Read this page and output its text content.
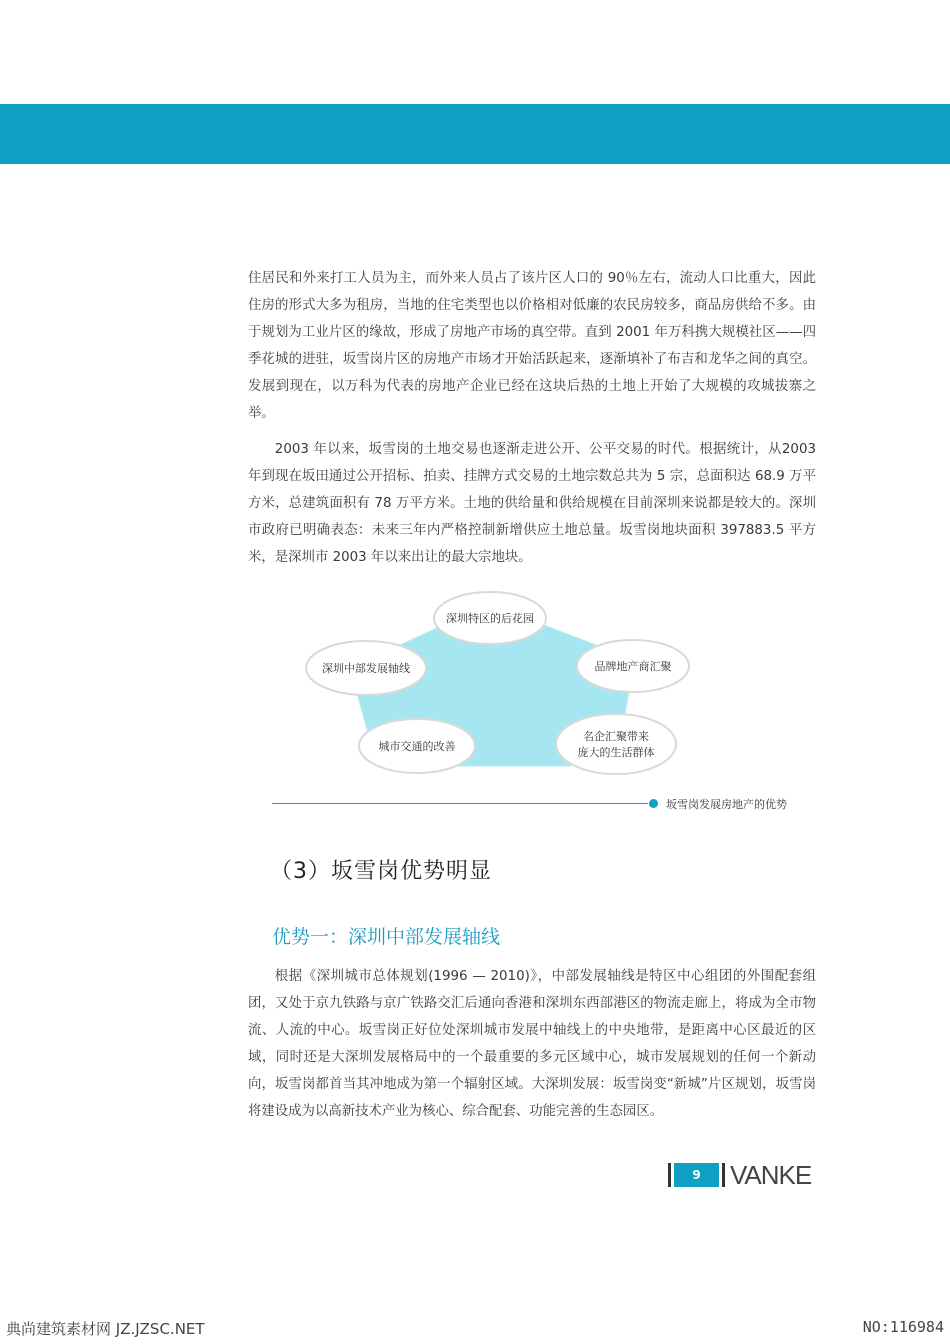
住居民和外来打工人员为主，而外来人员占了该片区人口的 90％左右，流动人口比重大，因此住房的形式大多为租房，当地的住宅类型也以价格相对低廉的农民房较多，商品房供给不多。由于规划为工业片区的缘故，形成了房地产市场的真空带。直到 2001 年万科携大规模社区——四季花城的进驻，坂雪岗片区的房地产市场才开始活跃起来，逐渐填补了布吉和龙华之间的真空。发展到现在，以万科为代表的房地产企业已经在这块后热的土地上开始了大规模的攻城拔寨之举。

2003 年以来，坂雪岗的土地交易也逐渐走进公开、公平交易的时代。根据统计，从2003 年到现在坂田通过公开招标、拍卖、挂牌方式交易的土地宗数总共为 5 宗，总面积达 68.9 万平方米，总建筑面积有 78 万平方米。土地的供给量和供给规模在目前深圳来说都是较大的。深圳市政府已明确表态：未来三年内严格控制新增供应土地总量。坂雪岗地块面积 397883.5 平方米，是深圳市 2003 年以来出让的最大宗地块。

深圳特区的后花园
品牌地产商汇聚
名企汇聚带来
庞大的生活群体
城市交通的改善
深圳中部发展轴线
坂雪岗发展房地产的优势
（3）坂雪岗优势明显
优势一：深圳中部发展轴线

根据《深圳城市总体规划(1996 — 2010)》，中部发展轴线是特区中心组团的外围配套组团，又处于京九铁路与京广铁路交汇后通向香港和深圳东西部港区的物流走廊上，将成为全市物流、人流的中心。坂雪岗正好位处深圳城市发展中轴线上的中央地带，是距离中心区最近的区域，同时还是大深圳发展格局中的一个最重要的多元区域中心，城市发展规划的任何一个新动向，坂雪岗都首当其冲地成为第一个辐射区域。大深圳发展：坂雪岗变“新城”片区规划，坂雪岗将建设成为以高新技术产业为核心、综合配套、功能完善的生态园区。

9	VANKE
典尚建筑素材网 JZ.JZSC.NET	NO:116984
